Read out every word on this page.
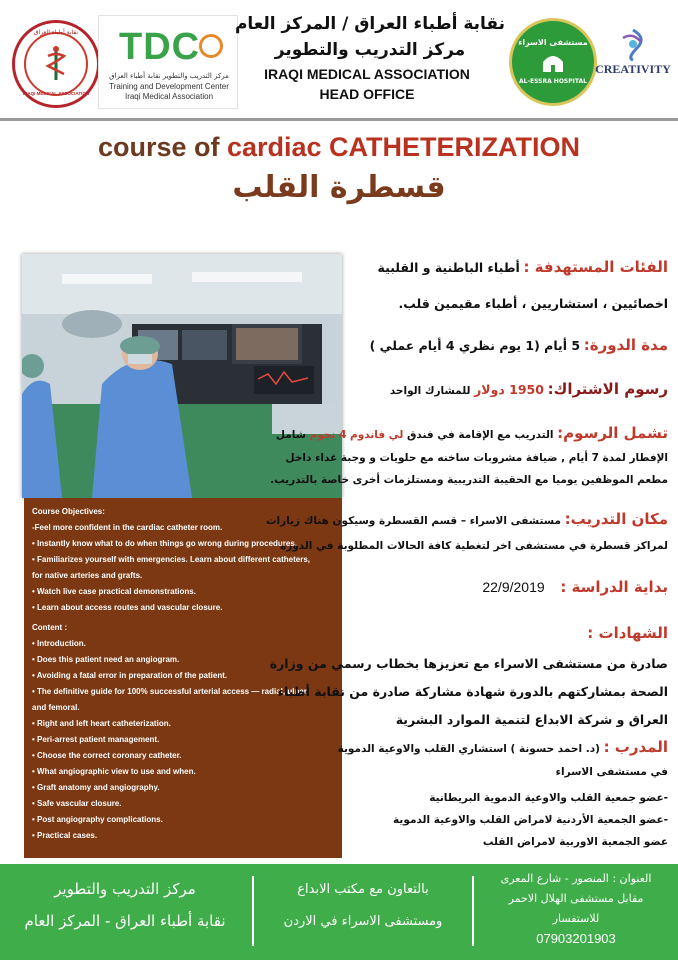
نقابة أطباء العراق
IRAQI MEDICAL ASSOCIATION
TDC
مركز التدريب والتطوير نقابة أطباء العراق
Training and Development Center
Iraqi Medical Association
نقابة أطباء العراق / المركز العام
مركز التدريب والتطوير
IRAQI MEDICAL ASSOCIATION
HEAD OFFICE
مستشفى الاسراء
AL-ESSRA HOSPITAL
CREATIVITY
course of cardiac CATHETERIZATION
قسطرة القلب
Course Objectives:
-Feel more confident in the cardiac catheter room.
• Instantly know what to do when things go wrong during procedures.
• Familiarizes yourself with emergencies. Learn about different catheters,
for native arteries and grafts.
• Watch live case practical demonstrations.
• Learn about access routes and vascular closure.
Content :
• Introduction.
• Does this patient need an angiogram.
• Avoiding a fatal error in preparation of the patient.
• The definitive guide for 100% successful arterial access — radial, ulnar,
and femoral.
• Right and left heart catheterization.
• Peri-arrest patient management.
• Choose the correct coronary catheter.
• What angiographic view to use and when.
• Graft anatomy and angiography.
• Safe vascular closure.
• Post angiography complications.
• Practical cases.
الفئات المستهدفة : أطباء الباطنية و القلبية
اخصائيين ، استشاريين ، أطباء مقيمين قلب.
مدة الدورة: 5 أيام (1 يوم نظري 4 أيام عملي )
رسوم الاشتراك: 1950 دولار للمشارك الواحد
تشمل الرسوم: التدريب مع الإقامة في فندق لي فاندوم 4 نجوم شامل
الإفطار لمدة 7 أيام , ضيافة مشروبات ساخنه مع حلويات و وجبة غداء داخل
مطعم الموظفين يوميا مع الحقيبة التدريبية ومستلزمات أخرى خاصة بالتدريب.
مكان التدريب: مستشفى الاسراء – قسم القسطرة وسيكون هناك زيارات
لمراكز قسطرة في مستشفى اخر لتغطية كافة الحالات المطلوبة في الدورة
بداية الدراسة : 22/9/2019
الشهادات :
صادرة من مستشفى الاسراء مع تعزيزها بخطاب رسمي من وزارة
الصحة بمشاركتهم بالدورة شهادة مشاركة صادرة من نقابة أطباء
العراق و شركة الابداع لتنمية الموارد البشرية
المدرب : (د. احمد حسونة ) استشاري القلب والاوعية الدموية
في مستشفى الاسراء
-عضو جمعية القلب والاوعية الدموية البريطانية
-عضو الجمعية الأردنية لامراض القلب والاوعية الدموية
عضو الجمعية الاوربية لامراض القلب
مركز التدريب والتطوير
نقابة أطباء العراق - المركز العام
بالتعاون مع مكتب الابداع
ومستشفى الاسراء في الاردن
العنوان : المنصور - شارع المعرى
مقابل مستشفى الهلال الاحمر
للاستفسار
07903201903
